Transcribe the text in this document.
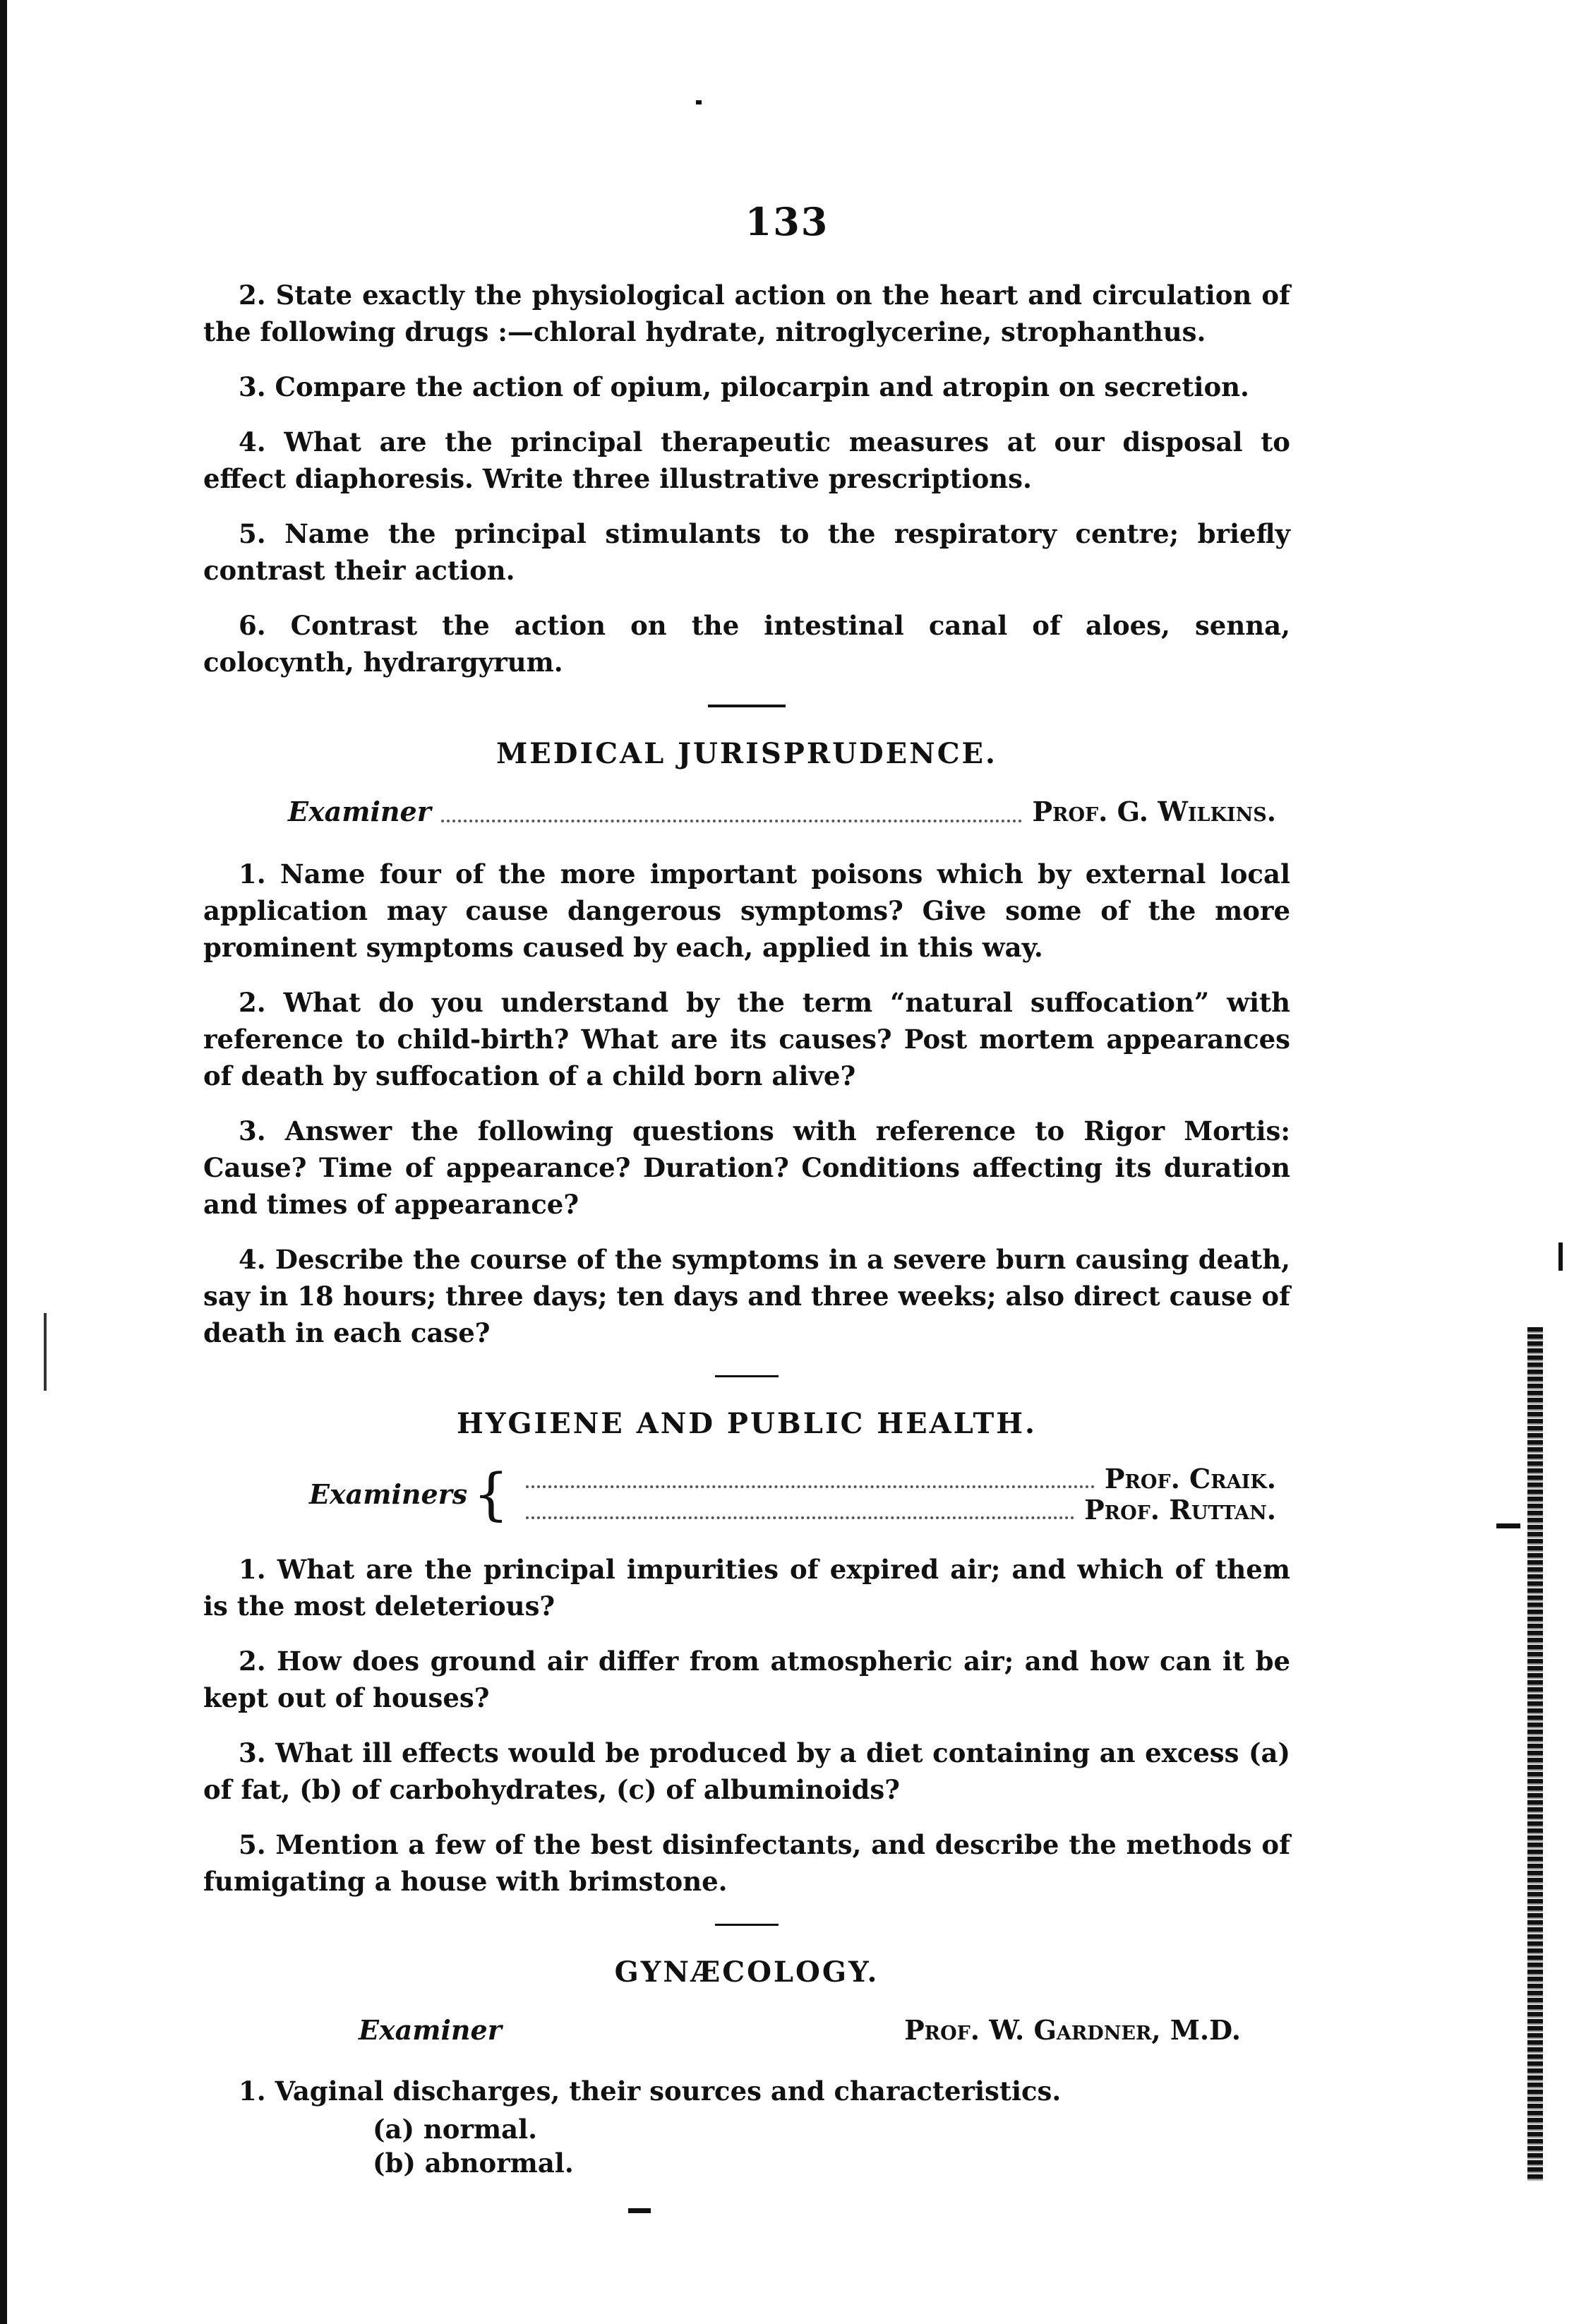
133

2. State exactly the physiological action on the heart and circulation of the following drugs :—chloral hydrate, nitroglycerine, strophanthus.

3. Compare the action of opium, pilocarpin and atropin on secretion.

4. What are the principal therapeutic measures at our disposal to effect diaphoresis. Write three illustrative prescriptions.

5. Name the principal stimulants to the respiratory centre; briefly contrast their action.

6. Contrast the action on the intestinal canal of aloes, senna, colocynth, hydrargyrum.

MEDICAL JURISPRUDENCE.
Examiner	Prof. G. Wilkins.

1. Name four of the more important poisons which by external local application may cause dangerous symptoms? Give some of the more prominent symptoms caused by each, applied in this way.

2. What do you understand by the term “natural suffocation” with reference to child-birth? What are its causes? Post mortem appearances of death by suffocation of a child born alive?

3. Answer the following questions with reference to Rigor Mortis: Cause? Time of appearance? Duration? Conditions affecting its duration and times of appearance?

4. Describe the course of the symptoms in a severe burn causing death, say in 18 hours; three days; ten days and three weeks; also direct cause of death in each case?

HYGIENE AND PUBLIC HEALTH.
Examiners {	Prof. Craik.
Prof. Ruttan.

1. What are the principal impurities of expired air; and which of them is the most deleterious?

2. How does ground air differ from atmospheric air; and how can it be kept out of houses?

3. What ill effects would be produced by a diet containing an excess (a) of fat, (b) of carbohydrates, (c) of albuminoids?

5. Mention a few of the best disinfectants, and describe the methods of fumigating a house with brimstone.

GYNÆCOLOGY.
Examiner	Prof. W. Gardner, M.D.

1. Vaginal discharges, their sources and characteristics.

(a) normal.
(b) abnormal.
